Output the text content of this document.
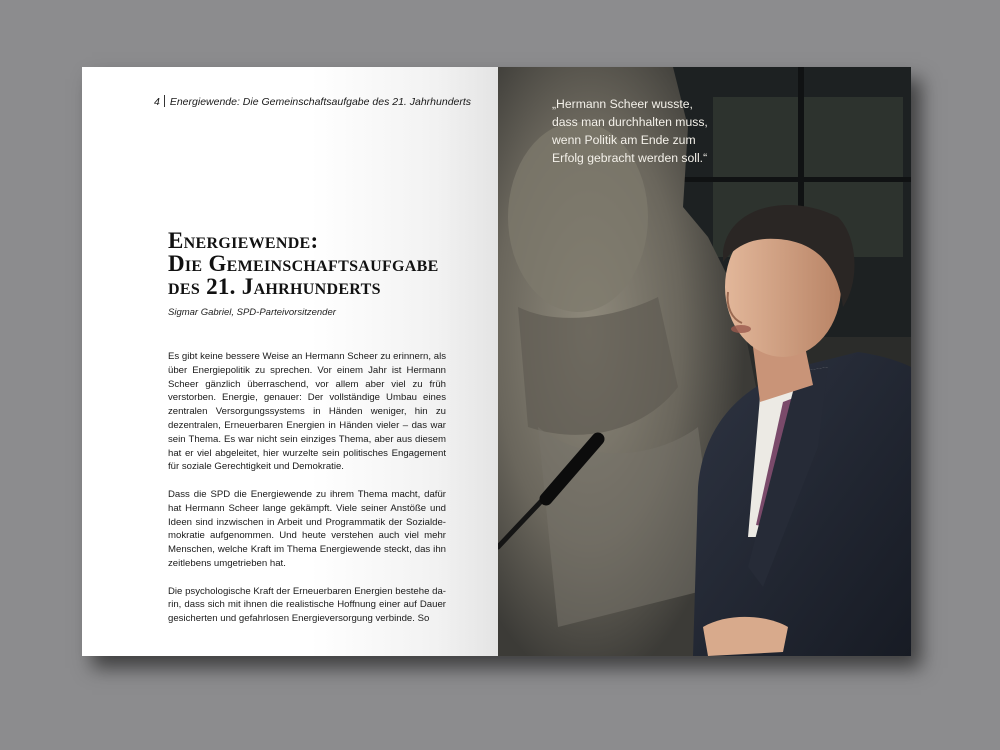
4 Energiewende: Die Gemeinschaftsaufgabe des 21. Jahrhunderts
Energiewende:
Die Gemeinschaftsaufgabe
des 21. Jahrhunderts
Sigmar Gabriel, SPD-Parteivorsitzender

Es gibt keine bessere Weise an Hermann Scheer zu erinnern, als über Energiepolitik zu sprechen. Vor einem Jahr ist Hermann Scheer gänzlich überraschend, vor allem aber viel zu früh verstorben. Energie, genauer: Der vollständige Umbau eines zentralen Versorgungssystems in Händen weniger, hin zu dezentralen, Erneuerbaren Energien in Händen vieler – das war sein Thema. Es war nicht sein einziges Thema, aber aus diesem hat er viel abgeleitet, hier wurzelte sein politisches Engagement für soziale Gerechtigkeit und Demokratie.

Dass die SPD die Energiewende zu ihrem Thema macht, dafür hat Hermann Scheer lange gekämpft. Viele seiner Anstöße und Ideen sind inzwischen in Arbeit und Programmatik der Sozialdemokratie aufgenommen. Und heute verstehen auch viel mehr Menschen, welche Kraft im Thema Energiewende steckt, das ihn zeitlebens umgetrieben hat.

Die psychologische Kraft der Erneuerbaren Energien bestehe darin, dass sich mit ihnen die realistische Hoffnung einer auf Dauer gesicherten und gefahrlosen Energieversorgung verbinde. So

„Hermann Scheer wusste, dass man durchhalten muss, wenn Politik am Ende zum Erfolg gebracht werden soll.“
